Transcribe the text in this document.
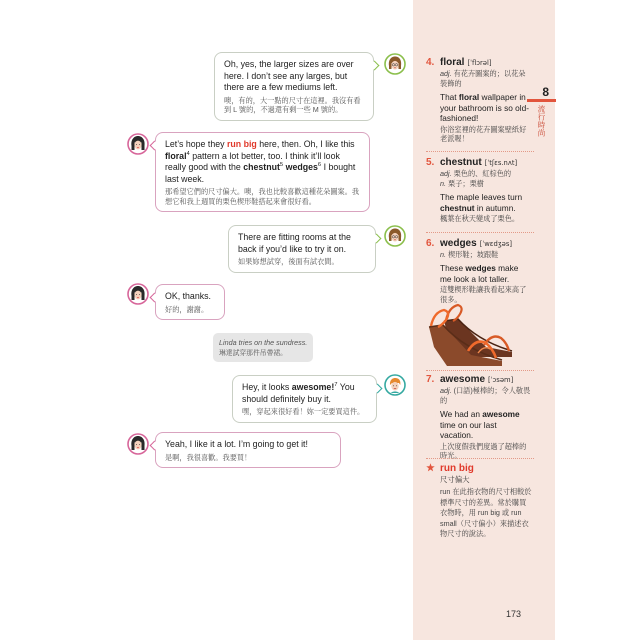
8
流行時尚

Oh, yes, the larger sizes are over here. I don’t see any larges, but there are a few mediums left.

噢，有的，大一點的尺寸在這裡。我沒有看到 L 號的，不過還有剩一些 M 號的。

Let’s hope they run big here, then. Oh, I like this floral$^4$ pattern a lot better, too. I think it’ll look really good with the chestnut$^5$ wedges$^6$ I bought last week.

那希望它們的尺寸偏大。噢，我也比較喜歡這種花朵圖案。我想它和我上週買的栗色楔形鞋搭起來會很好看。

There are fitting rooms at the back if you’d like to try it on.

如果妳想試穿，後面有試衣間。

OK, thanks.

好的，謝謝。

Linda tries on the sundress.

琳達試穿那件吊帶裙。

Hey, it looks awesome!$^7$ You should definitely buy it.

嘿，穿起來很好看！妳一定要買這件。

Yeah, I like it a lot. I’m going to get it!

是啊，我很喜歡。我要買！

4. floral [ˈflɔrəl]
adj. 有花卉圖案的；以花朵裝飾的
That floral wallpaper in your bathroom is so old-fashioned!
你浴室裡的花卉圖案壁紙好老派喔！
5. chestnut [ˈtʃɛs.nʌt]
adj. 栗色的、紅棕色的
n. 栗子；栗樹
The maple leaves turn chestnut in autumn.
楓葉在秋天變成了栗色。
6. wedges [ˈwɛdʒəs]
n. 楔形鞋；坡跟鞋
These wedges make me look a lot taller.
這雙楔形鞋讓我看起來高了很多。
7. awesome [ˈɔsəm]
adj. (口語)極棒的；令人敬畏的
We had an awesome time on our last vacation.
上次度假我們度過了超棒的時光。
run big
尺寸偏大
run 在此指衣物的尺寸相較於標準尺寸的差異。常於購買衣物時，用 run big 或 run small（尺寸偏小）來描述衣物尺寸的說法。
173
